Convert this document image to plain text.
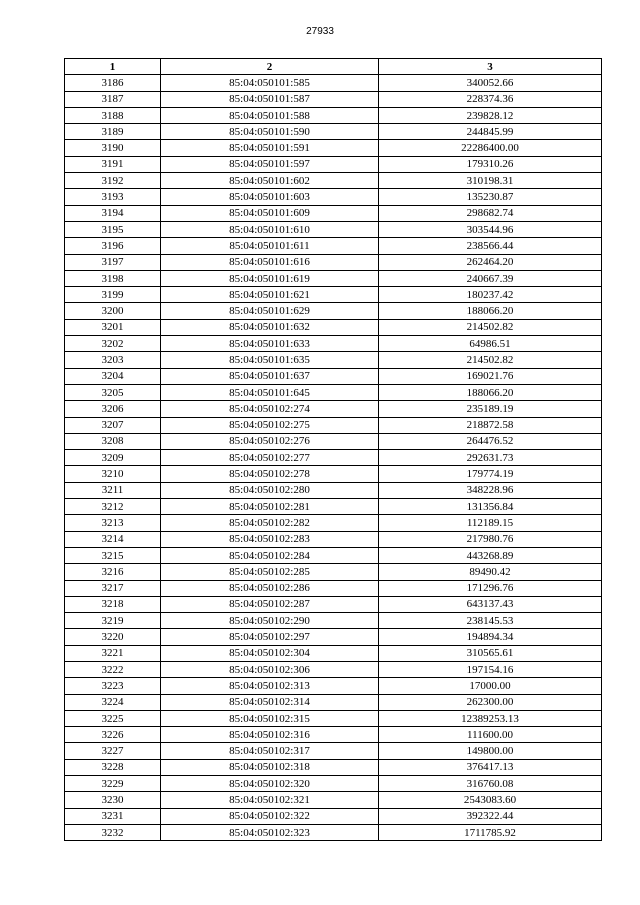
27933
1	2	3
3186	85:04:050101:585	340052.66
3187	85:04:050101:587	228374.36
3188	85:04:050101:588	239828.12
3189	85:04:050101:590	244845.99
3190	85:04:050101:591	22286400.00
3191	85:04:050101:597	179310.26
3192	85:04:050101:602	310198.31
3193	85:04:050101:603	135230.87
3194	85:04:050101:609	298682.74
3195	85:04:050101:610	303544.96
3196	85:04:050101:611	238566.44
3197	85:04:050101:616	262464.20
3198	85:04:050101:619	240667.39
3199	85:04:050101:621	180237.42
3200	85:04:050101:629	188066.20
3201	85:04:050101:632	214502.82
3202	85:04:050101:633	64986.51
3203	85:04:050101:635	214502.82
3204	85:04:050101:637	169021.76
3205	85:04:050101:645	188066.20
3206	85:04:050102:274	235189.19
3207	85:04:050102:275	218872.58
3208	85:04:050102:276	264476.52
3209	85:04:050102:277	292631.73
3210	85:04:050102:278	179774.19
3211	85:04:050102:280	348228.96
3212	85:04:050102:281	131356.84
3213	85:04:050102:282	112189.15
3214	85:04:050102:283	217980.76
3215	85:04:050102:284	443268.89
3216	85:04:050102:285	89490.42
3217	85:04:050102:286	171296.76
3218	85:04:050102:287	643137.43
3219	85:04:050102:290	238145.53
3220	85:04:050102:297	194894.34
3221	85:04:050102:304	310565.61
3222	85:04:050102:306	197154.16
3223	85:04:050102:313	17000.00
3224	85:04:050102:314	262300.00
3225	85:04:050102:315	12389253.13
3226	85:04:050102:316	111600.00
3227	85:04:050102:317	149800.00
3228	85:04:050102:318	376417.13
3229	85:04:050102:320	316760.08
3230	85:04:050102:321	2543083.60
3231	85:04:050102:322	392322.44
3232	85:04:050102:323	1711785.92
